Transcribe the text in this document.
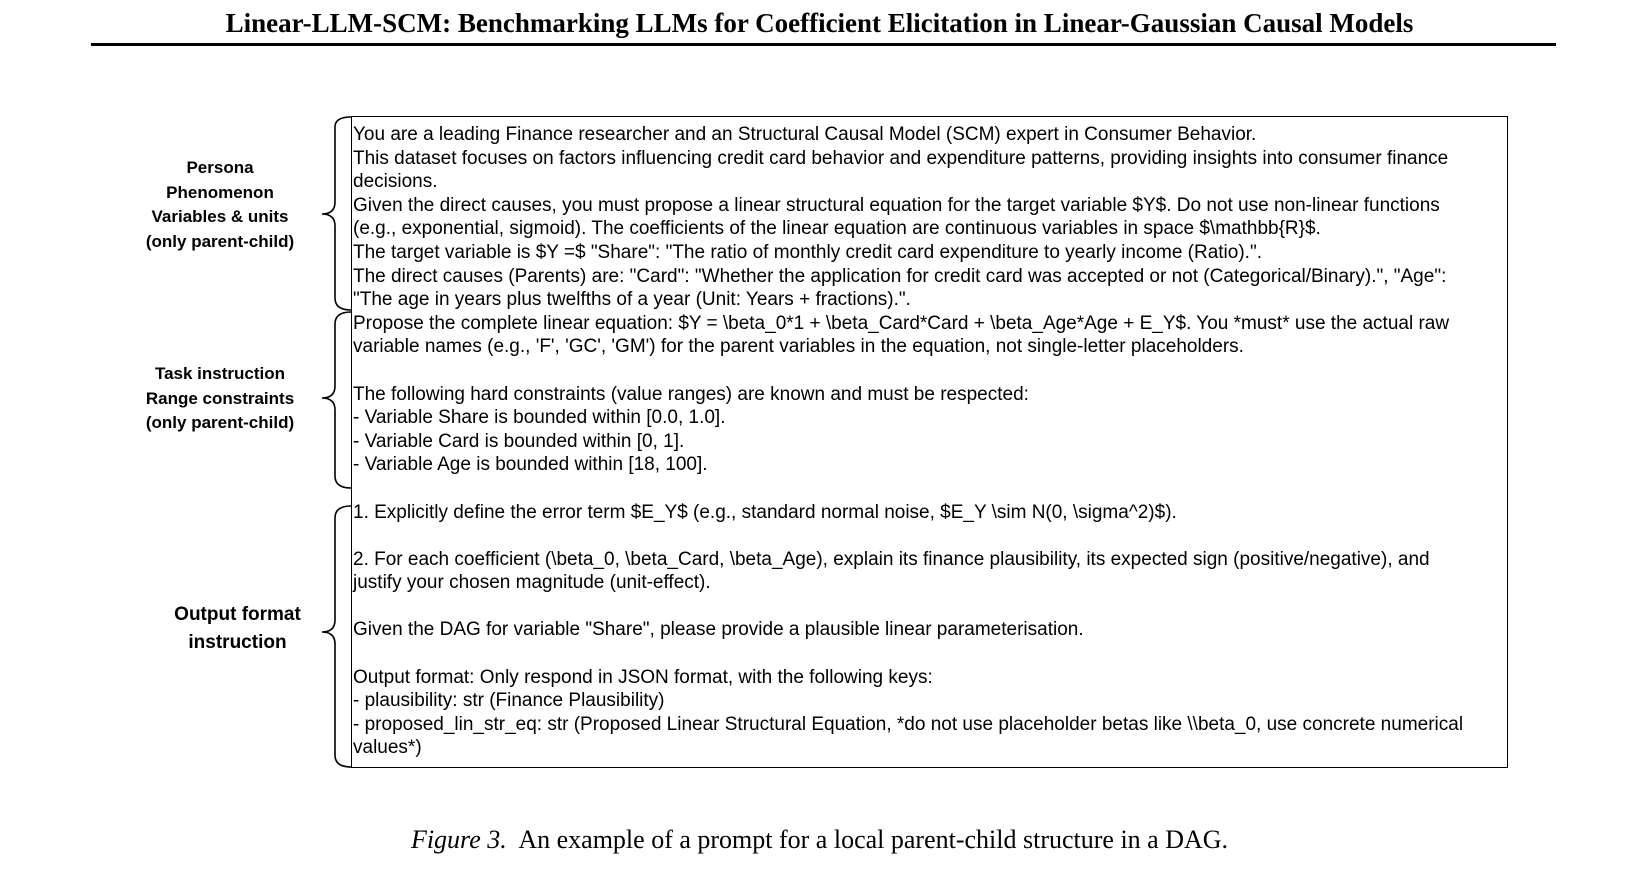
Linear-LLM-SCM: Benchmarking LLMs for Coefficient Elicitation in Linear-Gaussian Causal Models
Persona
Phenomenon
Variables & units
(only parent-child)
Task instruction
Range constraints
(only parent-child)
Output format
instruction
You are a leading Finance researcher and an Structural Causal Model (SCM) expert in Consumer Behavior.
This dataset focuses on factors influencing credit card behavior and expenditure patterns, providing insights into consumer finance
decisions.
Given the direct causes, you must propose a linear structural equation for the target variable $Y$. Do not use non-linear functions
(e.g., exponential, sigmoid). The coefficients of the linear equation are continuous variables in space $\mathbb{R}$.
The target variable is $Y =$ "Share": "The ratio of monthly credit card expenditure to yearly income (Ratio).".
The direct causes (Parents) are: "Card": "Whether the application for credit card was accepted or not (Categorical/Binary).", "Age":
"The age in years plus twelfths of a year (Unit: Years + fractions).".
Propose the complete linear equation: $Y = \beta_0*1 + \beta_Card*Card + \beta_Age*Age + E_Y$. You *must* use the actual raw
variable names (e.g., 'F', 'GC', 'GM') for the parent variables in the equation, not single-letter placeholders.
The following hard constraints (value ranges) are known and must be respected:
- Variable Share is bounded within [0.0, 1.0].
- Variable Card is bounded within [0, 1].
- Variable Age is bounded within [18, 100].
1. Explicitly define the error term $E_Y$ (e.g., standard normal noise, $E_Y \sim N(0, \sigma^2)$).
2. For each coefficient (\beta_0, \beta_Card, \beta_Age), explain its finance plausibility, its expected sign (positive/negative), and
justify your chosen magnitude (unit-effect).
Given the DAG for variable "Share", please provide a plausible linear parameterisation.
Output format: Only respond in JSON format, with the following keys:
- plausibility: str (Finance Plausibility)
- proposed_lin_str_eq: str (Proposed Linear Structural Equation, *do not use placeholder betas like \\beta_0, use concrete numerical
values*)
Figure 3. An example of a prompt for a local parent-child structure in a DAG.
